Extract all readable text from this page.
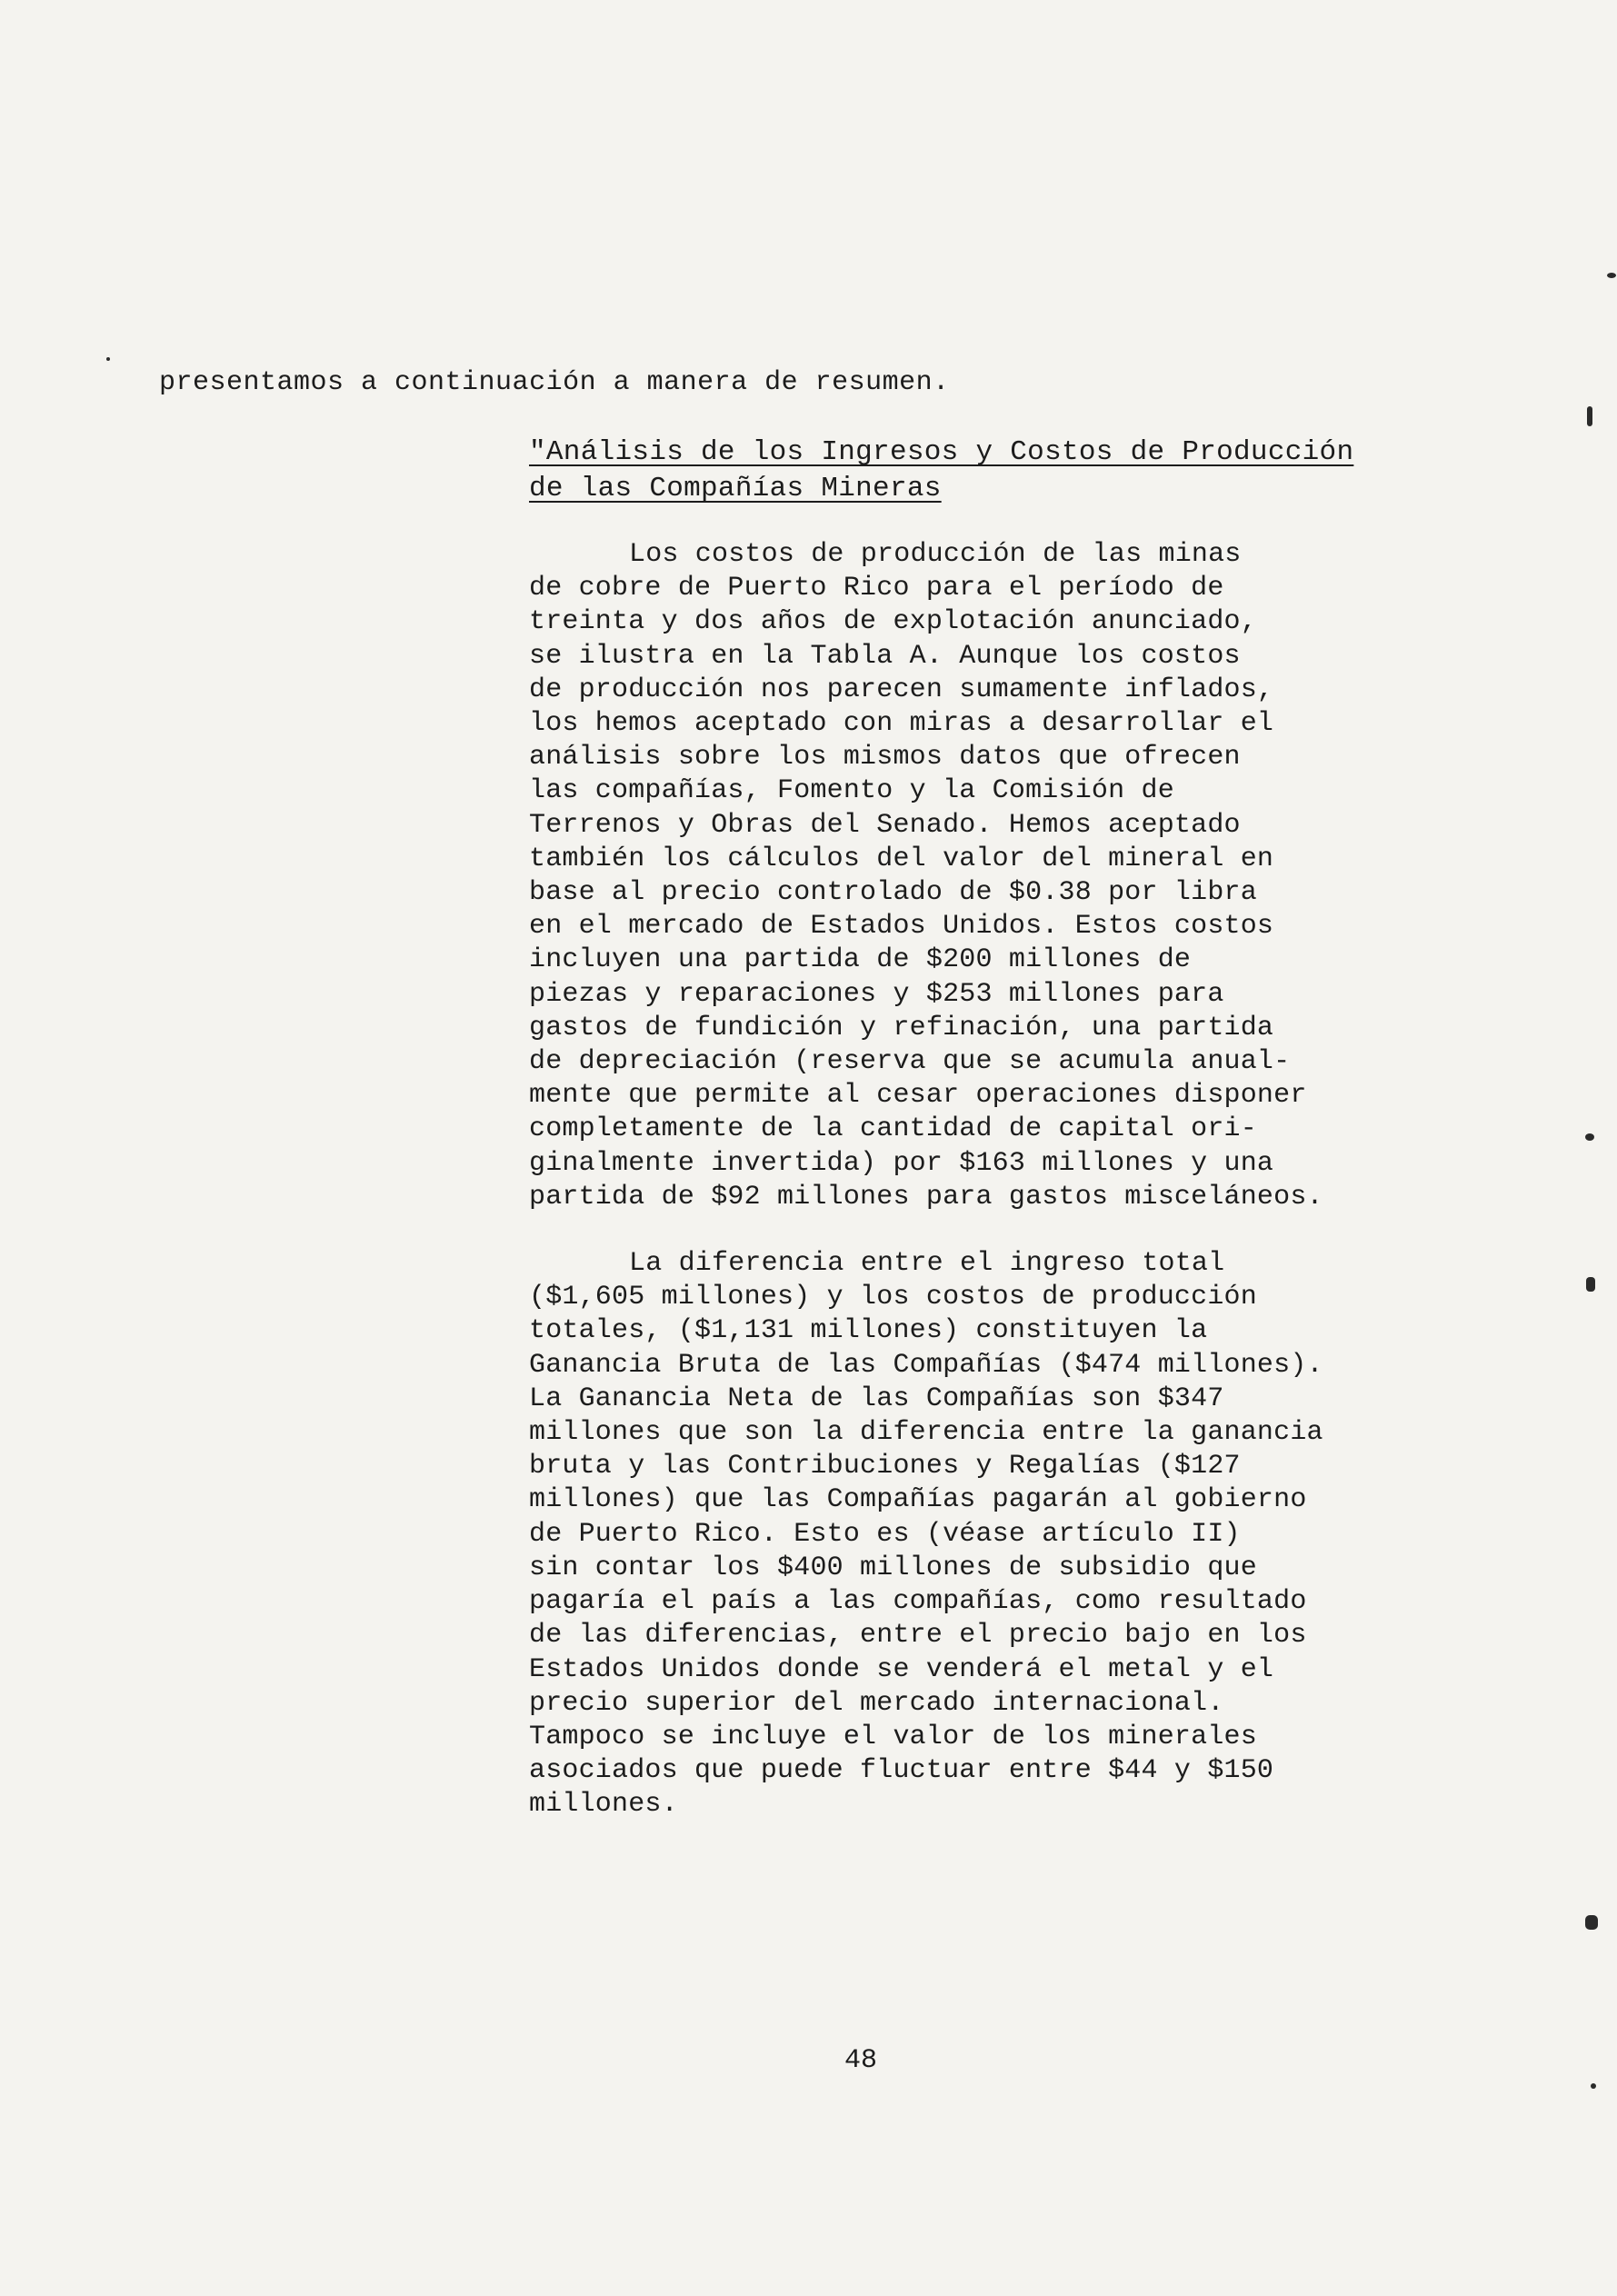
presentamos a continuación a manera de resumen.
"Análisis de los Ingresos y Costos de Producción
de las Compañías Mineras
Los costos de producción de las minas
de cobre de Puerto Rico para el período de
treinta y dos años de explotación anunciado,
se ilustra en la Tabla A. Aunque los costos
de producción nos parecen sumamente inflados,
los hemos aceptado con miras a desarrollar el
análisis sobre los mismos datos que ofrecen
las compañías, Fomento y la Comisión de
Terrenos y Obras del Senado. Hemos aceptado
también los cálculos del valor del mineral en
base al precio controlado de $0.38 por libra
en el mercado de Estados Unidos. Estos costos
incluyen una partida de $200 millones de
piezas y reparaciones y $253 millones para
gastos de fundición y refinación, una partida
de depreciación (reserva que se acumula anual-
mente que permite al cesar operaciones disponer
completamente de la cantidad de capital ori-
ginalmente invertida) por $163 millones y una
partida de $92 millones para gastos misceláneos.
La diferencia entre el ingreso total
($1,605 millones) y los costos de producción
totales, ($1,131 millones) constituyen la
Ganancia Bruta de las Compañías ($474 millones).
La Ganancia Neta de las Compañías son $347
millones que son la diferencia entre la ganancia
bruta y las Contribuciones y Regalías ($127
millones) que las Compañías pagarán al gobierno
de Puerto Rico. Esto es (véase artículo II)
sin contar los $400 millones de subsidio que
pagaría el país a las compañías, como resultado
de las diferencias, entre el precio bajo en los
Estados Unidos donde se venderá el metal y el
precio superior del mercado internacional.
Tampoco se incluye el valor de los minerales
asociados que puede fluctuar entre $44 y $150
millones.
48
